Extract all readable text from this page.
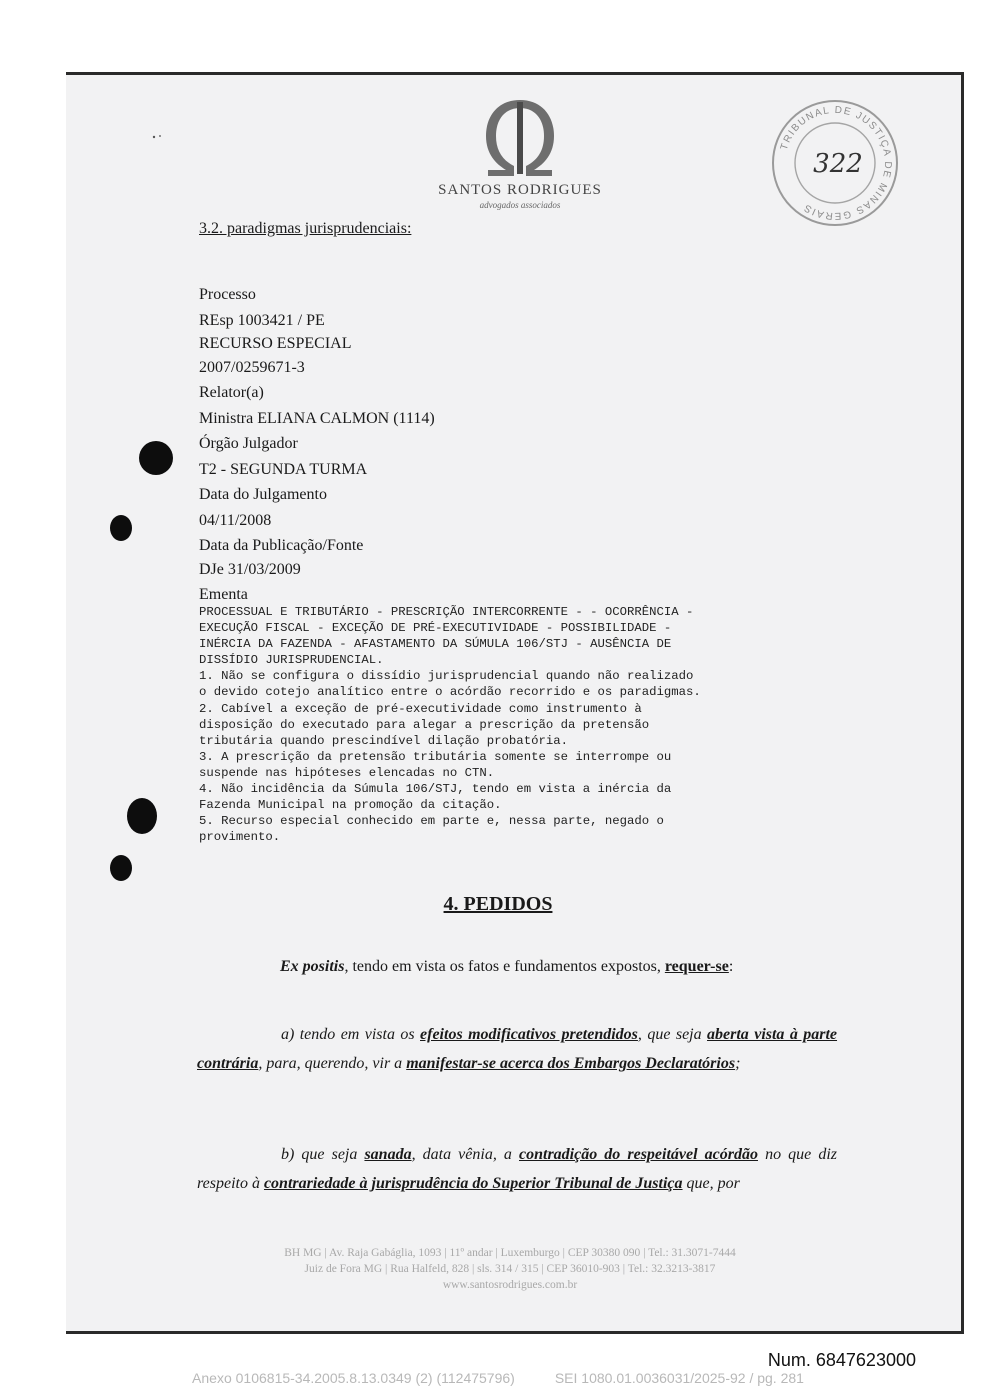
SANTOS RODRIGUES
advogados associados
TRIBUNAL DE JUSTIÇA DE MINAS GERAIS
322
3.2. paradigmas jurisprudenciais:
Processo
REsp 1003421 / PE
RECURSO ESPECIAL
2007/0259671-3
Relator(a)
Ministra ELIANA CALMON (1114)
Órgão Julgador
T2 - SEGUNDA TURMA
Data do Julgamento
04/11/2008
Data da Publicação/Fonte
DJe 31/03/2009
Ementa
PROCESSUAL E TRIBUTÁRIO - PRESCRIÇÃO INTERCORRENTE - - OCORRÊNCIA -
EXECUÇÃO FISCAL - EXCEÇÃO DE PRÉ-EXECUTIVIDADE - POSSIBILIDADE -
INÉRCIA DA FAZENDA - AFASTAMENTO DA SÚMULA 106/STJ - AUSÊNCIA DE
DISSÍDIO JURISPRUDENCIAL.
1. Não se configura o dissídio jurisprudencial quando não realizado
o devido cotejo analítico entre o acórdão recorrido e os paradigmas.
2. Cabível a exceção de pré-executividade como instrumento à
disposição do executado para alegar a prescrição da pretensão
tributária quando prescindível dilação probatória.
3. A prescrição da pretensão tributária somente se interrompe ou
suspende nas hipóteses elencadas no CTN.
4. Não incidência da Súmula 106/STJ, tendo em vista a inércia da
Fazenda Municipal na promoção da citação.
5. Recurso especial conhecido em parte e, nessa parte, negado o
provimento.
4. PEDIDOS
Ex positis, tendo em vista os fatos e fundamentos expostos, requer-se:
a) tendo em vista os efeitos modificativos pretendidos, que seja aberta vista à parte contrária, para, querendo, vir a manifestar-se acerca dos Embargos Declaratórios;
b) que seja sanada, data vênia, a contradição do respeitável acórdão no que diz respeito à contrariedade à jurisprudência do Superior Tribunal de Justiça que, por
BH MG | Av. Raja Gabáglia, 1093 | 11º andar | Luxemburgo | CEP 30380 090 | Tel.: 31.3071-7444
Juiz de Fora MG | Rua Halfeld, 828 | sls. 314 / 315 | CEP 36010-903 | Tel.: 32.3213-3817
www.santosrodrigues.com.br
Num. 6847623000
Anexo 0106815-34.2005.8.13.0349 (2) (112475796)	SEI 1080.01.0036031/2025-92 / pg. 281
